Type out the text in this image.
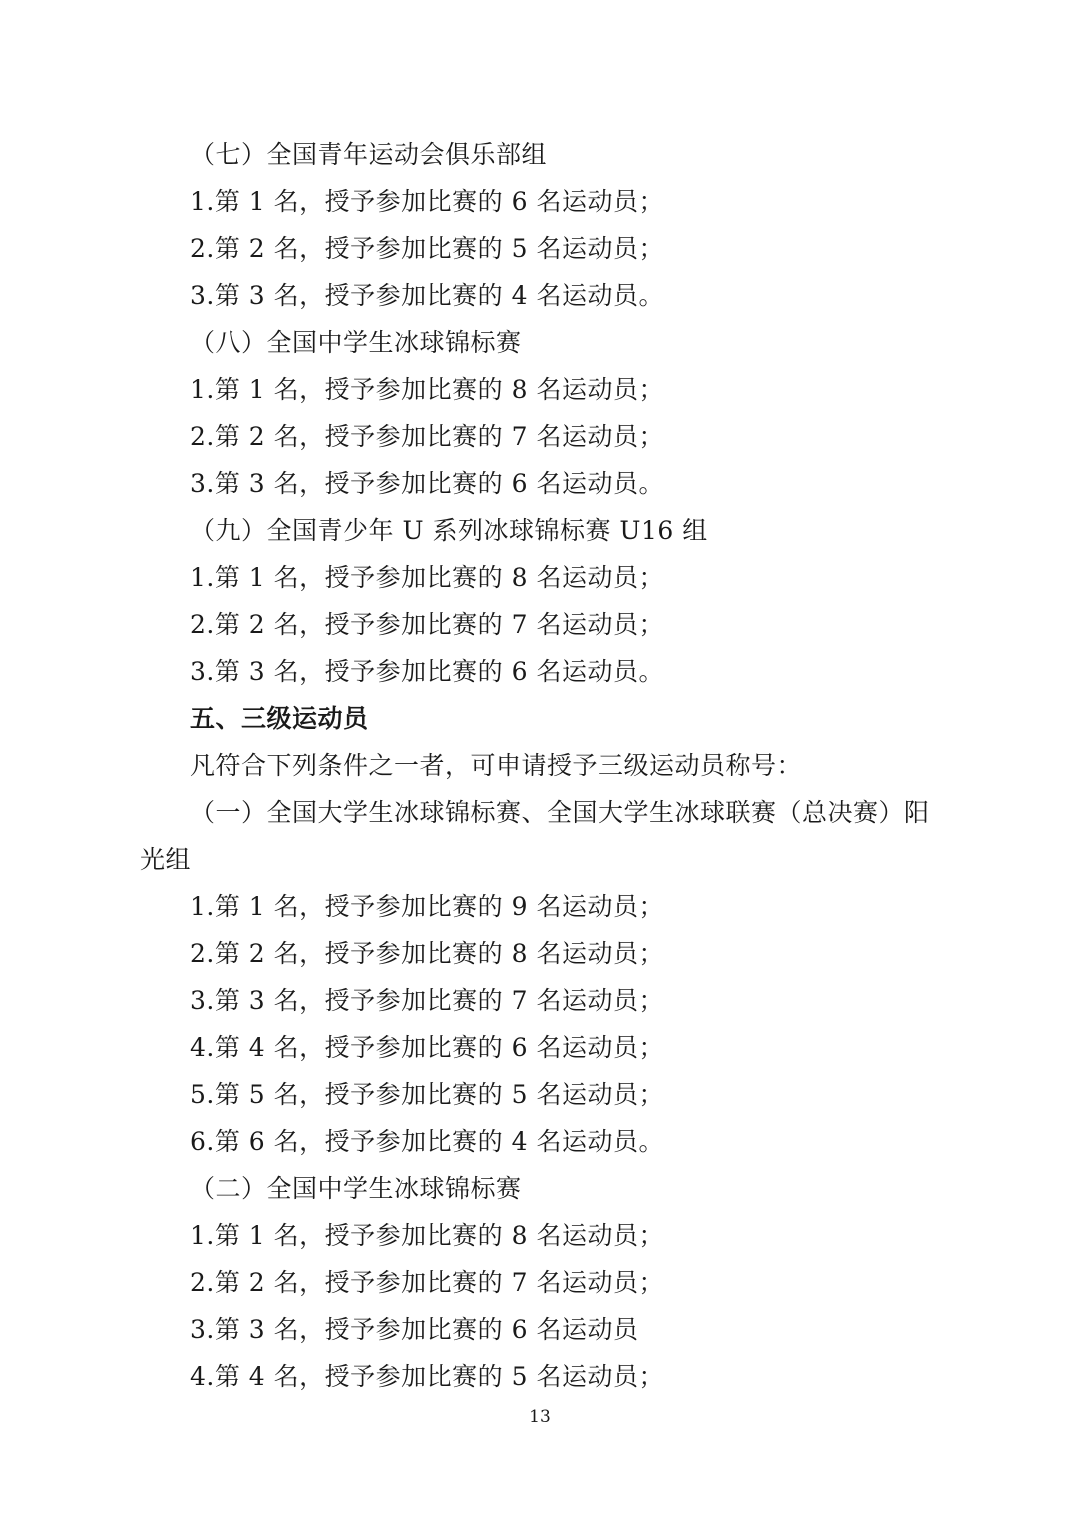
（七）全国青年运动会俱乐部组
1.第 1 名，授予参加比赛的 6 名运动员；
2.第 2 名，授予参加比赛的 5 名运动员；
3.第 3 名，授予参加比赛的 4 名运动员。
（八）全国中学生冰球锦标赛
1.第 1 名，授予参加比赛的 8 名运动员；
2.第 2 名，授予参加比赛的 7 名运动员；
3.第 3 名，授予参加比赛的 6 名运动员。
（九）全国青少年 U 系列冰球锦标赛 U16 组
1.第 1 名，授予参加比赛的 8 名运动员；
2.第 2 名，授予参加比赛的 7 名运动员；
3.第 3 名，授予参加比赛的 6 名运动员。
五、三级运动员
凡符合下列条件之一者，可申请授予三级运动员称号：
（一）全国大学生冰球锦标赛、全国大学生冰球联赛（总决赛）阳
光组
1.第 1 名，授予参加比赛的 9 名运动员；
2.第 2 名，授予参加比赛的 8 名运动员；
3.第 3 名，授予参加比赛的 7 名运动员；
4.第 4 名，授予参加比赛的 6 名运动员；
5.第 5 名，授予参加比赛的 5 名运动员；
6.第 6 名，授予参加比赛的 4 名运动员。
（二）全国中学生冰球锦标赛
1.第 1 名，授予参加比赛的 8 名运动员；
2.第 2 名，授予参加比赛的 7 名运动员；
3.第 3 名，授予参加比赛的 6 名运动员
4.第 4 名，授予参加比赛的 5 名运动员；
13
